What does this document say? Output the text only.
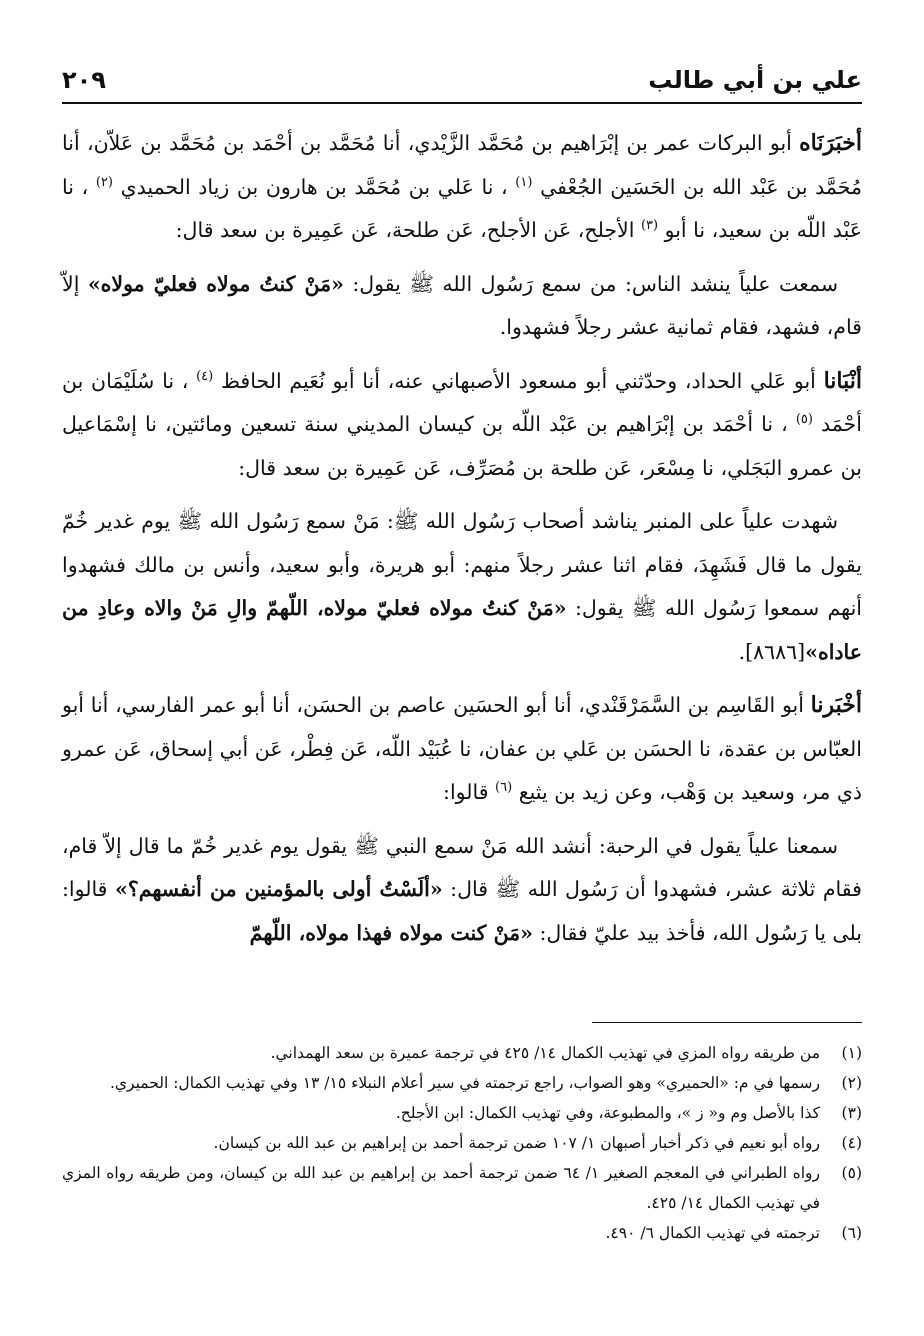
علي بن أبي طالب
٢٠٩

أخبَرَنَاه أبو البركات عمر بن إبْرَاهيم بن مُحَمَّد الزَّيْدي، أنا مُحَمَّد بن أحْمَد بن مُحَمَّد بن عَلاّن، أنا مُحَمَّد بن عَبْد الله بن الحَسَين الجُعْفي $^{(١)}$ ، نا عَلي بن مُحَمَّد بن هارون بن زياد الحميدي $^{(٢)}$ ، نا عَبْد اللّه بن سعيد، نا أبو $^{(٣)}$ الأجلح، عَن الأجلح، عَن طلحة، عَن عَمِيرة بن سعد قال:

سمعت علياً ينشد الناس: من سمع رَسُول الله ﷺ يقول: «مَنْ كنتُ مولاه فعليّ مولاه» إلاّ قام، فشهد، فقام ثمانية عشر رجلاً فشهدوا.

أنْبَانا أبو عَلي الحداد، وحدّثني أبو مسعود الأصبهاني عنه، أنا أبو نُعَيم الحافظ $^{(٤)}$ ، نا سُلَيْمَان بن أحْمَد $^{(٥)}$ ، نا أحْمَد بن إبْرَاهيم بن عَبْد اللّه بن كيسان المديني سنة تسعين ومائتين، نا إسْمَاعيل بن عمرو البَجَلي، نا مِسْعَر، عَن طلحة بن مُصَرِّف، عَن عَمِيرة بن سعد قال:

شهدت علياً على المنبر يناشد أصحاب رَسُول الله ﷺ: مَنْ سمع رَسُول الله ﷺ يوم غدير خُمّ يقول ما قال فَشَهِدَ، فقام اثنا عشر رجلاً منهم: أبو هريرة، وأبو سعيد، وأنس بن مالك فشهدوا أنهم سمعوا رَسُول الله ﷺ يقول: «مَنْ كنتُ مولاه فعليّ مولاه، اللّهمّ والِ مَنْ والاه وعادِ من عاداه»[٨٦٨٦].

أخْبَرنا أبو القَاسِم بن السَّمَرْقَنْدي، أنا أبو الحسَين عاصم بن الحسَن، أنا أبو عمر الفارسي، أنا أبو العبّاس بن عقدة، نا الحسَن بن عَلي بن عفان، نا عُبَيْد اللّه، عَن فِطْر، عَن أبي إسحاق، عَن عمرو ذي مر، وسعيد بن وَهْب، وعن زيد بن يثيع $^{(٦)}$ قالوا:

سمعنا علياً يقول في الرحبة: أنشد الله مَنْ سمع النبي ﷺ يقول يوم غدير خُمّ ما قال إلاّ قام، فقام ثلاثة عشر، فشهدوا أن رَسُول الله ﷺ قال: «ألَسْتُ أولى بالمؤمنين من أنفسهم؟» قالوا: بلى يا رَسُول الله، فأخذ بيد عليّ فقال: «مَنْ كنت مولاه فهذا مولاه، اللّهمّ

(١)
من طريقه رواه المزي في تهذيب الكمال ١٤/ ٤٢٥ في ترجمة عميرة بن سعد الهمداني.
(٢)
رسمها في م: «الحميري» وهو الصواب، راجع ترجمته في سير أعلام النبلاء ١٥/ ١٣ وفي تهذيب الكمال: الحميري.
(٣)
كذا بالأصل وم و« ز »، والمطبوعة، وفي تهذيب الكمال: ابن الأجلح.
(٤)
رواه أبو نعيم في ذكر أخبار أصبهان ١/ ١٠٧ ضمن ترجمة أحمد بن إبراهيم بن عبد الله بن كيسان.
(٥)
رواه الطبراني في المعجم الصغير ١/ ٦٤ ضمن ترجمة أحمد بن إبراهيم بن عبد الله بن كيسان، ومن طريقه رواه المزي في تهذيب الكمال ١٤/ ٤٢٥.
(٦)
ترجمته في تهذيب الكمال ٦/ ٤٩٠.
